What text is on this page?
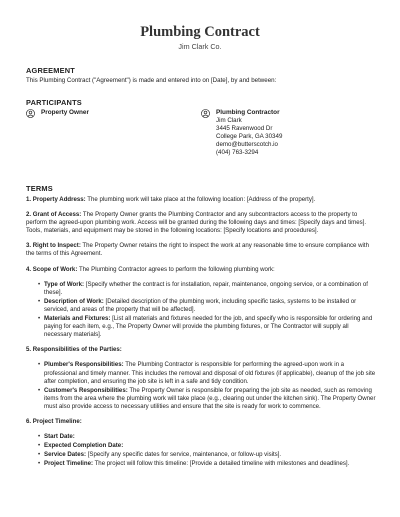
Plumbing Contract
Jim Clark Co.
AGREEMENT

This Plumbing Contract ("Agreement") is made and entered into on [Date], by and between:

PARTICIPANTS
Property Owner	Plumbing Contractor
Jim Clark
3445 Ravenwood Dr
College Park, GA 30349
demo@butterscotch.io
(404) 763-3294
TERMS

1. Property Address: The plumbing work will take place at the following location: [Address of the property].

2. Grant of Access: The Property Owner grants the Plumbing Contractor and any subcontractors access to the property to perform the agreed-upon plumbing work. Access will be granted during the following days and times: [Specify days and times]. Tools, materials, and equipment may be stored in the following locations: [Specify locations and procedures].

3. Right to Inspect: The Property Owner retains the right to inspect the work at any reasonable time to ensure compliance with the terms of this Agreement.

4. Scope of Work: The Plumbing Contractor agrees to perform the following plumbing work:

• Type of Work: [Specify whether the contract is for installation, repair, maintenance, ongoing service, or a combination of these].
• Description of Work: [Detailed description of the plumbing work, including specific tasks, systems to be installed or serviced, and areas of the property that will be affected].
• Materials and Fixtures: [List all materials and fixtures needed for the job, and specify who is responsible for ordering and paying for each item, e.g., The Property Owner will provide the plumbing fixtures, or The Contractor will supply all necessary materials].

5. Responsibilities of the Parties:

• Plumber's Responsibilities: The Plumbing Contractor is responsible for performing the agreed-upon work in a professional and timely manner. This includes the removal and disposal of old fixtures (if applicable), cleanup of the job site after completion, and ensuring the job site is left in a safe and tidy condition.
• Customer's Responsibilities: The Property Owner is responsible for preparing the job site as needed, such as removing items from the area where the plumbing work will take place (e.g., clearing out under the kitchen sink). The Property Owner must also provide access to necessary utilities and ensure that the site is ready for work to commence.

6. Project Timeline:

• Start Date:
• Expected Completion Date:
• Service Dates: [Specify any specific dates for service, maintenance, or follow-up visits].
• Project Timeline: The project will follow this timeline: [Provide a detailed timeline with milestones and deadlines].
